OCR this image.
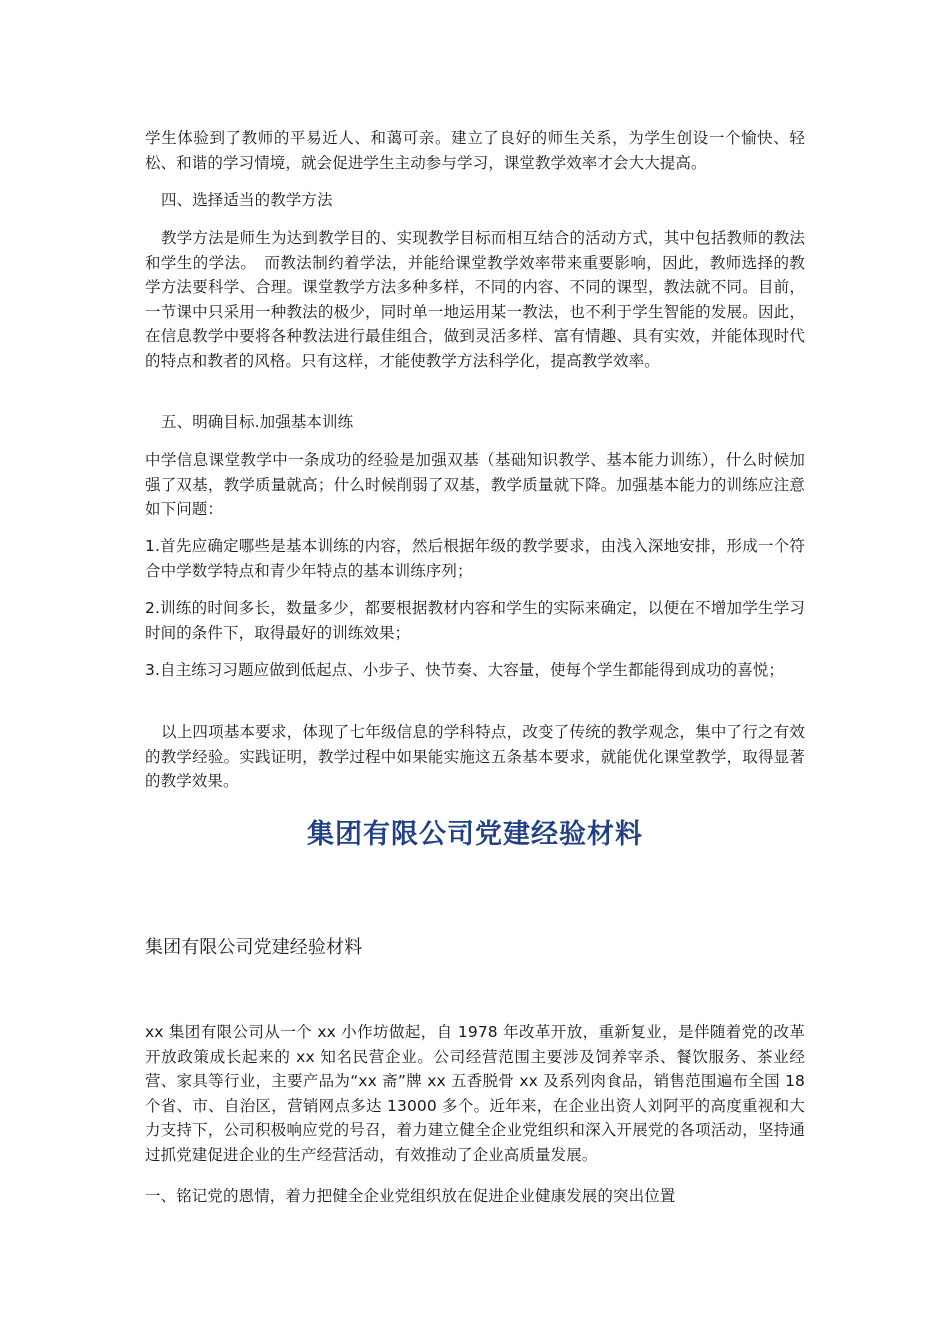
学生体验到了教师的平易近人、和蔼可亲。建立了良好的师生关系，为学生创设一个愉快、轻松、和谐的学习情境，就会促进学生主动参与学习，课堂教学效率才会大大提高。

四、选择适当的教学方法

教学方法是师生为达到教学目的、实现教学目标而相互结合的活动方式，其中包括教师的教法和学生的学法。　而教法制约着学法，并能给课堂教学效率带来重要影响，因此，教师选择的教学方法要科学、合理。课堂教学方法多种多样，不同的内容、不同的课型，教法就不同。目前，一节课中只采用一种教法的极少，同时单一地运用某一教法，也不利于学生智能的发展。因此，在信息教学中要将各种教法进行最佳组合，做到灵活多样、富有情趣、具有实效，并能体现时代的特点和教者的风格。只有这样，才能使教学方法科学化，提高教学效率。

五、明确目标.加强基本训练

中学信息课堂教学中一条成功的经验是加强双基（基础知识教学、基本能力训练），什么时候加强了双基，教学质量就高；什么时候削弱了双基，教学质量就下降。加强基本能力的训练应注意如下问题：

1.首先应确定哪些是基本训练的内容，然后根据年级的教学要求，由浅入深地安排，形成一个符合中学数学特点和青少年特点的基本训练序列；

2.训练的时间多长，数量多少，都要根据教材内容和学生的实际来确定，以便在不增加学生学习时间的条件下，取得最好的训练效果；

3.自主练习习题应做到低起点、小步子、快节奏、大容量，使每个学生都能得到成功的喜悦；

以上四项基本要求，体现了七年级信息的学科特点，改变了传统的教学观念，集中了行之有效的教学经验。实践证明，教学过程中如果能实施这五条基本要求，就能优化课堂教学，取得显著的教学效果。

集团有限公司党建经验材料

集团有限公司党建经验材料

xx 集团有限公司从一个 xx 小作坊做起，自 1978 年改革开放，重新复业，是伴随着党的改革开放政策成长起来的 xx 知名民营企业。公司经营范围主要涉及饲养宰杀、餐饮服务、茶业经营、家具等行业，主要产品为“xx 斋”牌 xx 五香脱骨 xx 及系列肉食品，销售范围遍布全国 18 个省、市、自治区，营销网点多达 13000 多个。近年来，在企业出资人刘阿平的高度重视和大力支持下，公司积极响应党的号召，着力建立健全企业党组织和深入开展党的各项活动，坚持通过抓党建促进企业的生产经营活动，有效推动了企业高质量发展。

一、铭记党的恩情，着力把健全企业党组织放在促进企业健康发展的突出位置
